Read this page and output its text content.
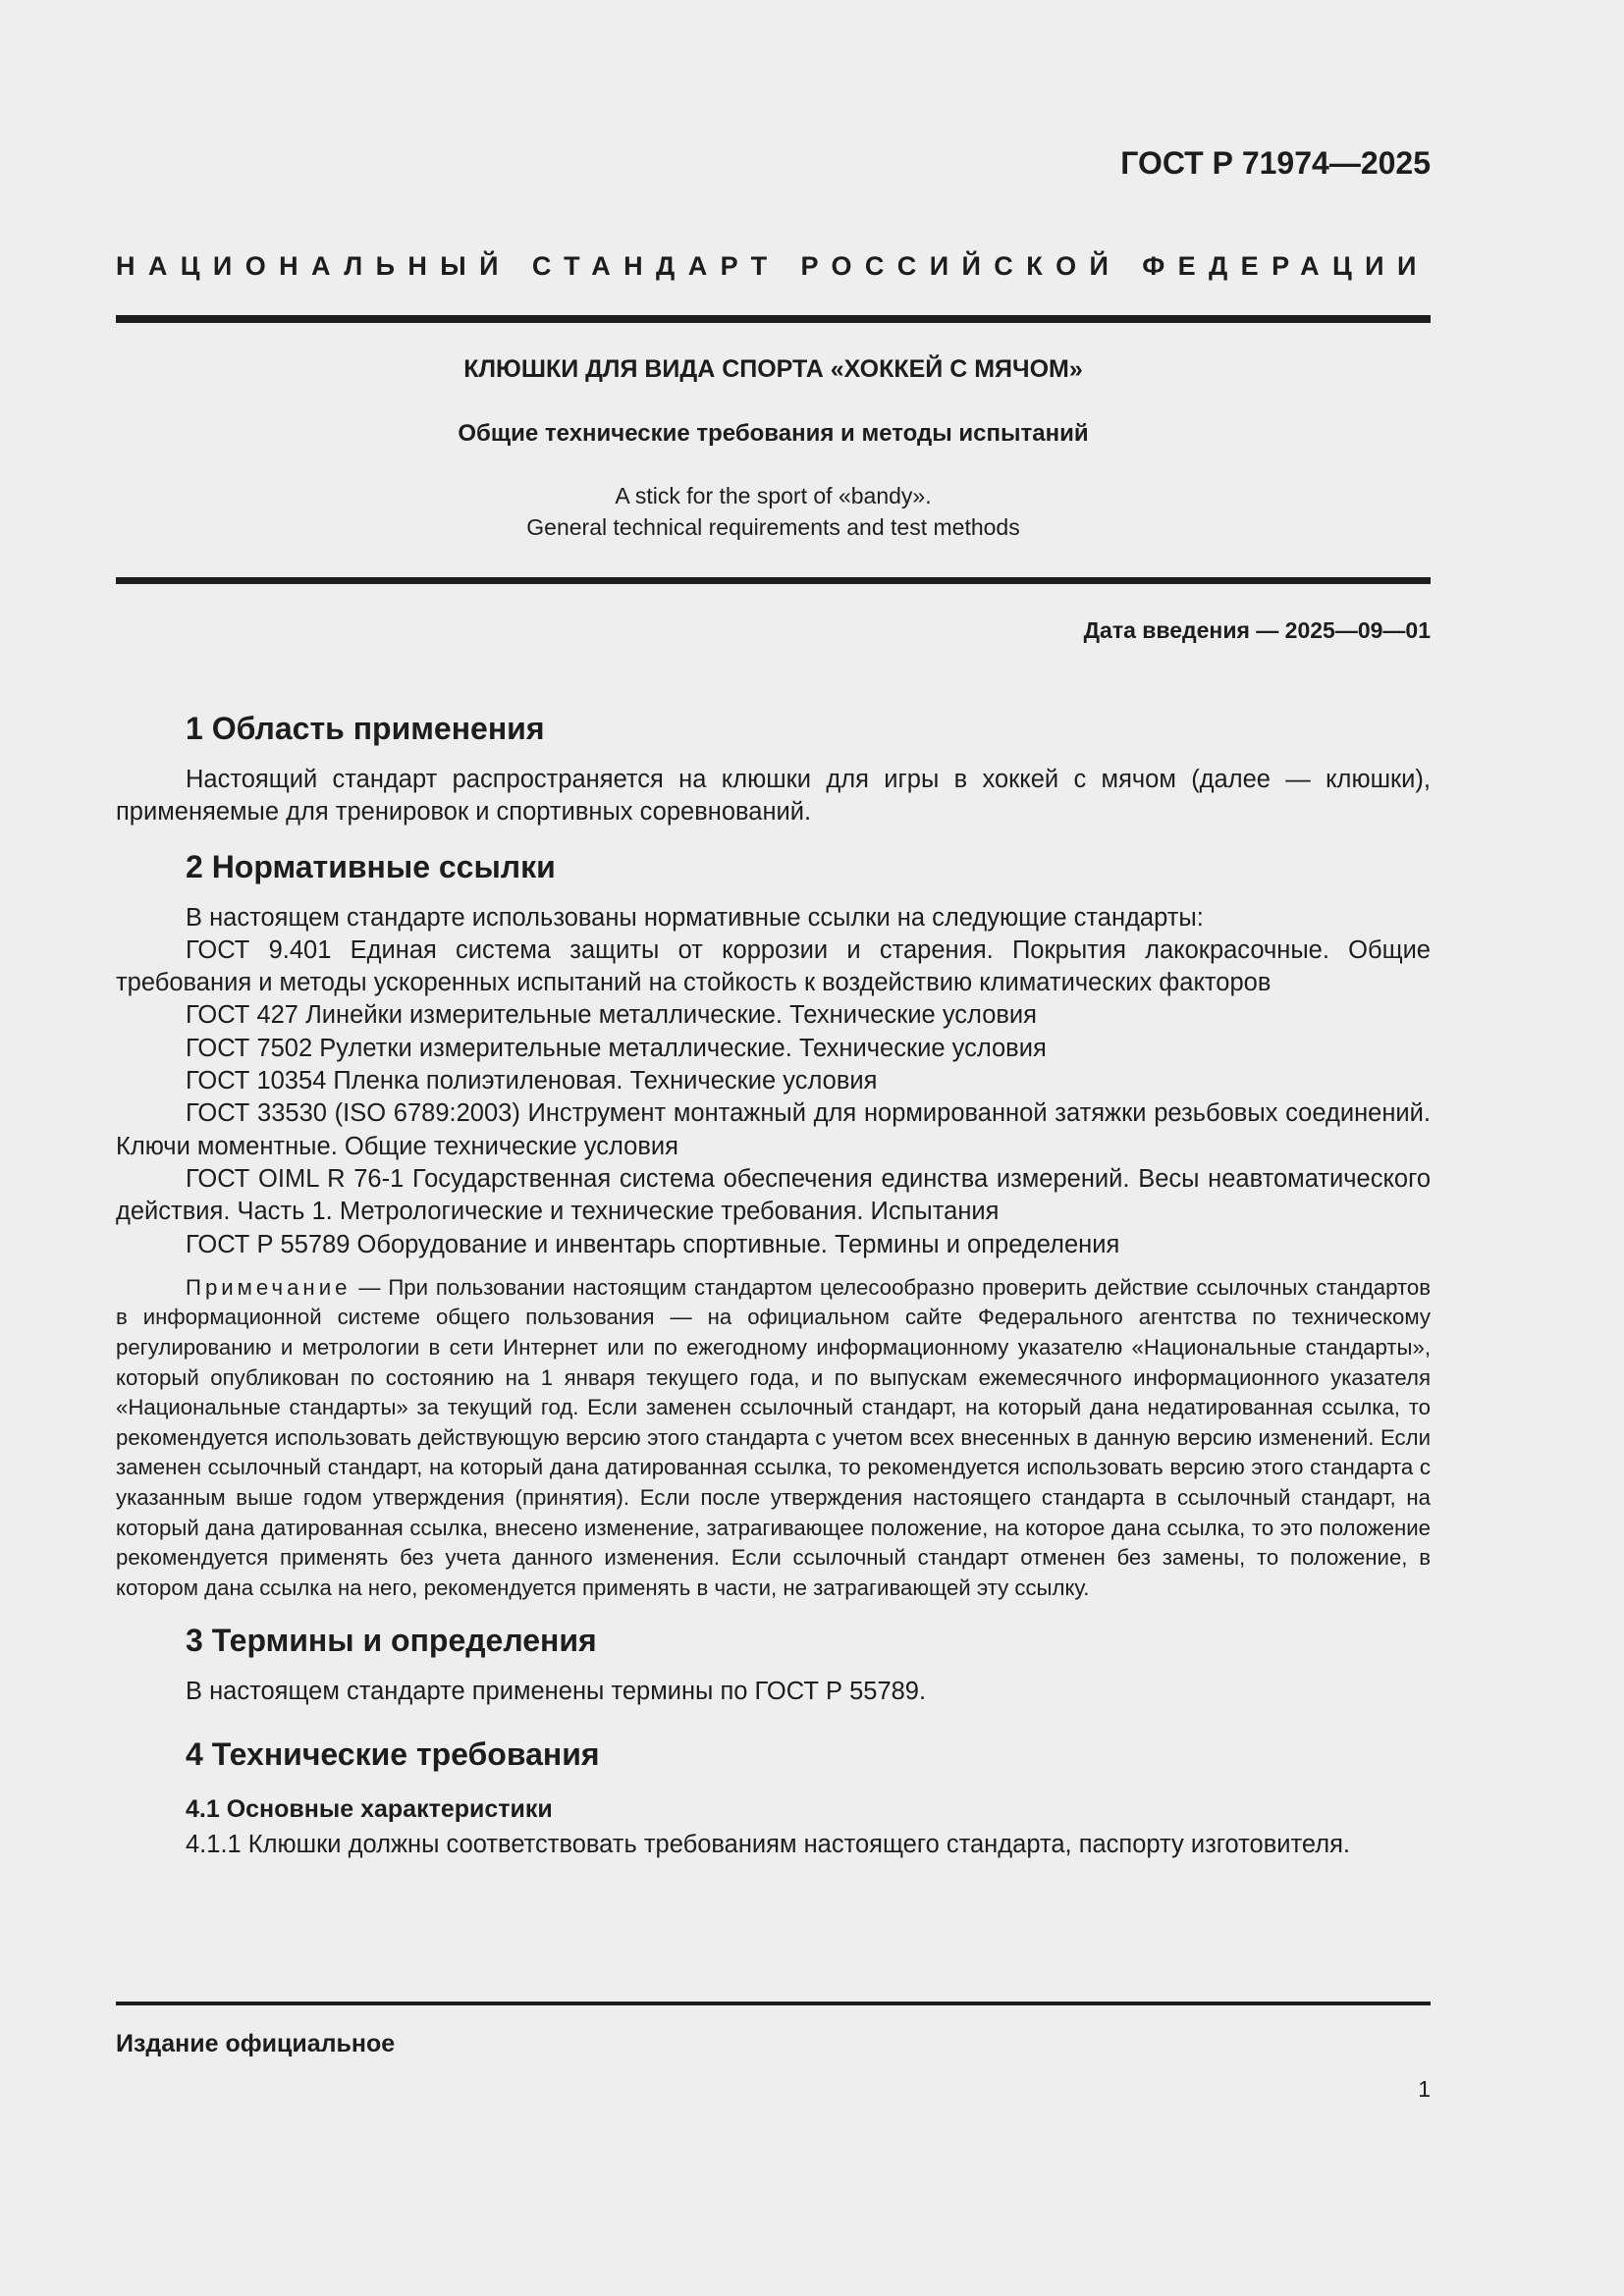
ГОСТ Р 71974—2025
НАЦИОНАЛЬНЫЙ СТАНДАРТ РОССИЙСКОЙ ФЕДЕРАЦИИ
КЛЮШКИ ДЛЯ ВИДА СПОРТА «ХОККЕЙ С МЯЧОМ»
Общие технические требования и методы испытаний
A stick for the sport of «bandy».
General technical requirements and test methods
Дата введения — 2025—09—01
1 Область применения

Настоящий стандарт распространяется на клюшки для игры в хоккей с мячом (далее — клюшки), применяемые для тренировок и спортивных соревнований.

2 Нормативные ссылки

В настоящем стандарте использованы нормативные ссылки на следующие стандарты:

ГОСТ 9.401 Единая система защиты от коррозии и старения. Покрытия лакокрасочные. Общие требования и методы ускоренных испытаний на стойкость к воздействию климатических факторов

ГОСТ 427 Линейки измерительные металлические. Технические условия

ГОСТ 7502 Рулетки измерительные металлические. Технические условия

ГОСТ 10354 Пленка полиэтиленовая. Технические условия

ГОСТ 33530 (ISO 6789:2003) Инструмент монтажный для нормированной затяжки резьбовых соединений. Ключи моментные. Общие технические условия

ГОСТ OIML R 76-1 Государственная система обеспечения единства измерений. Весы неавтоматического действия. Часть 1. Метрологические и технические требования. Испытания

ГОСТ Р 55789 Оборудование и инвентарь спортивные. Термины и определения

Примечание — При пользовании настоящим стандартом целесообразно проверить действие ссылочных стандартов в информационной системе общего пользования — на официальном сайте Федерального агентства по техническому регулированию и метрологии в сети Интернет или по ежегодному информационному указателю «Национальные стандарты», который опубликован по состоянию на 1 января текущего года, и по выпускам ежемесячного информационного указателя «Национальные стандарты» за текущий год. Если заменен ссылочный стандарт, на который дана недатированная ссылка, то рекомендуется использовать действующую версию этого стандарта с учетом всех внесенных в данную версию изменений. Если заменен ссылочный стандарт, на который дана датированная ссылка, то рекомендуется использовать версию этого стандарта с указанным выше годом утверждения (принятия). Если после утверждения настоящего стандарта в ссылочный стандарт, на который дана датированная ссылка, внесено изменение, затрагивающее положение, на которое дана ссылка, то это положение рекомендуется применять без учета данного изменения. Если ссылочный стандарт отменен без замены, то положение, в котором дана ссылка на него, рекомендуется применять в части, не затрагивающей эту ссылку.

3 Термины и определения

В настоящем стандарте применены термины по ГОСТ Р 55789.

4 Технические требования
4.1 Основные характеристики

4.1.1 Клюшки должны соответствовать требованиям настоящего стандарта, паспорту изготовителя.

Издание официальное
1
